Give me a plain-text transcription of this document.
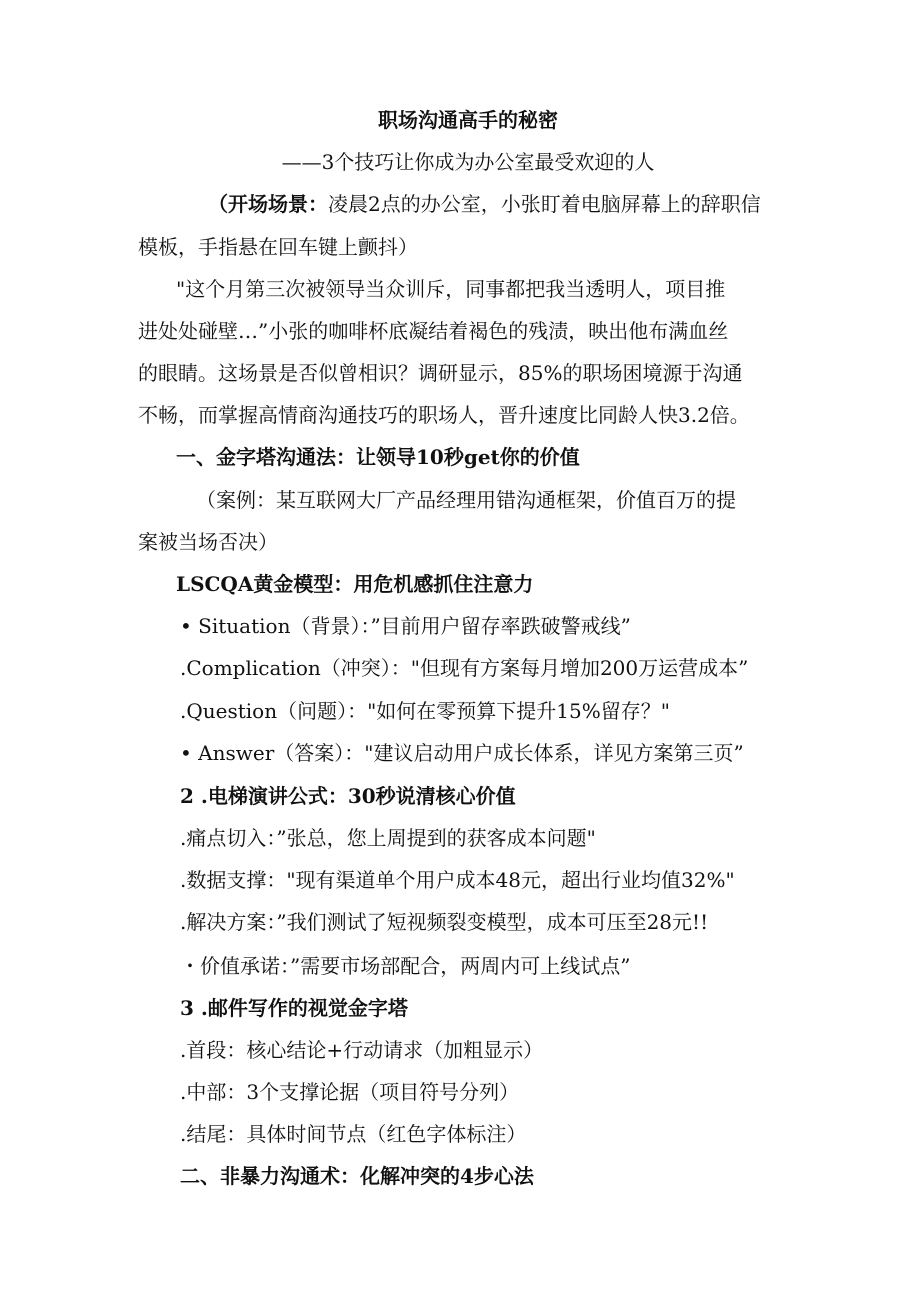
职场沟通高手的秘密
——3个技巧让你成为办公室最受欢迎的人
（开场场景：凌晨2点的办公室，小张盯着电脑屏幕上的辞职信
模板，手指悬在回车键上颤抖）
"这个月第三次被领导当众训斥，同事都把我当透明人，项目推
进处处碰壁…”小张的咖啡杯底凝结着褐色的残渍，映出他布满血丝
的眼睛。这场景是否似曾相识？调研显示，85%的职场困境源于沟通
不畅，而掌握高情商沟通技巧的职场人，晋升速度比同龄人快3.2倍。
一、金字塔沟通法：让领导10秒get你的价值
（案例：某互联网大厂产品经理用错沟通框架，价值百万的提
案被当场否决）
LSCQA黄金模型：用危机感抓住注意力
• Situation（背景）：”目前用户留存率跌破警戒线”
.Complication（冲突）："但现有方案每月增加200万运营成本”
.Question（问题）："如何在零预算下提升15%留存？"
• Answer（答案）："建议启动用户成长体系，详见方案第三页”
2 .电梯演讲公式：30秒说清核心价值
.痛点切入：”张总，您上周提到的获客成本问题"
.数据支撑："现有渠道单个用户成本48元，超出行业均值32%"
.解决方案：”我们测试了短视频裂变模型，成本可压至28元!!
・价值承诺：”需要市场部配合，两周内可上线试点”
3 .邮件写作的视觉金字塔
.首段：核心结论+行动请求（加粗显示）
.中部：3个支撑论据（项目符号分列）
.结尾：具体时间节点（红色字体标注）
二、非暴力沟通术：化解冲突的4步心法
